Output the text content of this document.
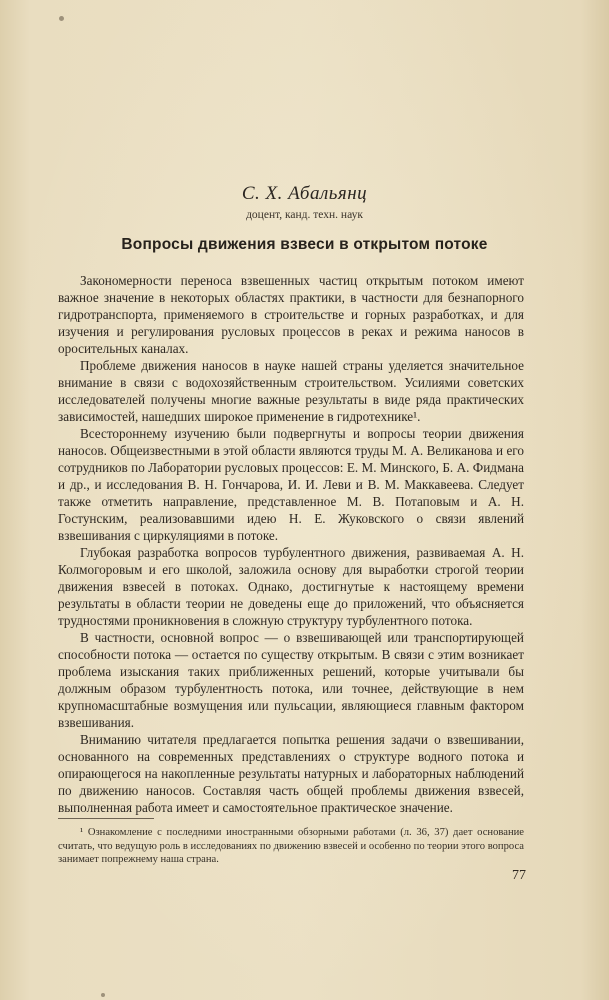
С. Х. Абальянц
доцент, канд. техн. наук
Вопросы движения взвеси в открытом потоке

Закономерности переноса взвешенных частиц открытым потоком имеют важное значение в некоторых областях практики, в частности для безнапорного гидротранспорта, применяемого в строительстве и горных разработках, и для изучения и регулирования русловых процессов в реках и режима наносов в оросительных каналах.

Проблеме движения наносов в науке нашей страны уделяется значительное внимание в связи с водохозяйственным строительством. Усилиями советских исследователей получены многие важные результаты в виде ряда практических зависимостей, нашедших широкое применение в гидротехнике¹.

Всестороннему изучению были подвергнуты и вопросы теории движения наносов. Общеизвестными в этой области являются труды М. А. Великанова и его сотрудников по Лаборатории русловых процессов: Е. М. Минского, Б. А. Фидмана и др., и исследования В. Н. Гончарова, И. И. Леви и В. М. Маккавеева. Следует также отметить направление, представленное М. В. Потаповым и А. Н. Гостунским, реализовавшими идею Н. Е. Жуковского о связи явлений взвешивания с циркуляциями в потоке.

Глубокая разработка вопросов турбулентного движения, развиваемая А. Н. Колмогоровым и его школой, заложила основу для выработки строгой теории движения взвесей в потоках. Однако, достигнутые к настоящему времени результаты в области теории не доведены еще до приложений, что объясняется трудностями проникновения в сложную структуру турбулентного потока.

В частности, основной вопрос — о взвешивающей или транспортирующей способности потока — остается по существу открытым. В связи с этим возникает проблема изыскания таких приближенных решений, которые учитывали бы должным образом турбулентность потока, или точнее, действующие в нем крупномасштабные возмущения или пульсации, являющиеся главным фактором взвешивания.

Вниманию читателя предлагается попытка решения задачи о взвешивании, основанного на современных представлениях о структуре водного потока и опирающегося на накопленные результаты натурных и лабораторных наблюдений по движению наносов. Составляя часть общей проблемы движения взвесей, выполненная работа имеет и самостоятельное практическое значение.

¹ Ознакомление с последними иностранными обзорными работами (л. 36, 37) дает основание считать, что ведущую роль в исследованиях по движению взвесей и особенно по теории этого вопроса занимает попрежнему наша страна.
77
